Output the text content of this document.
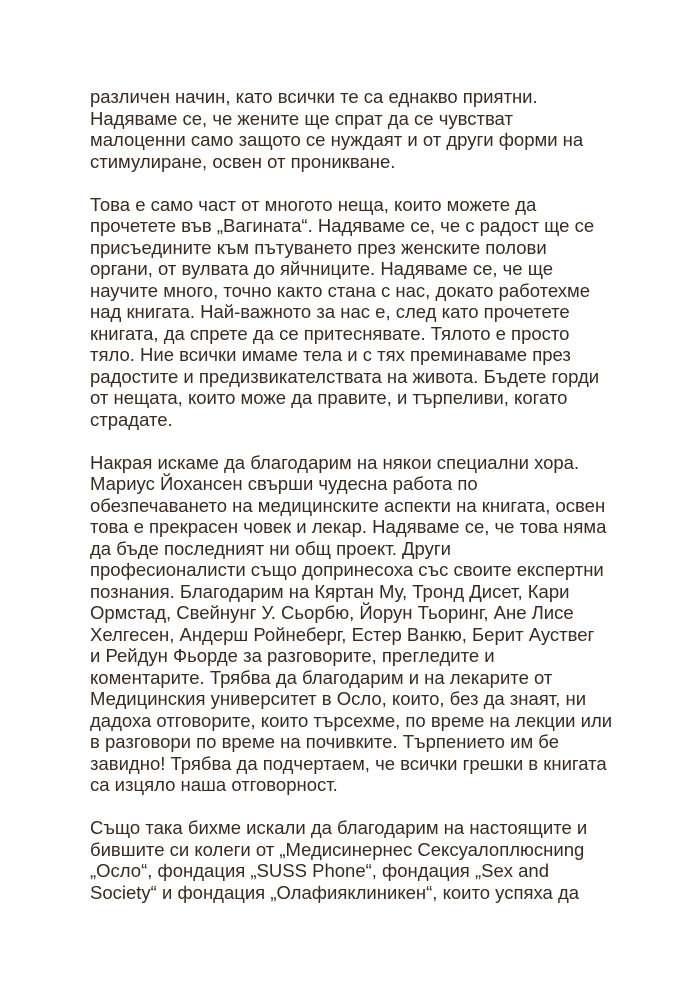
различен начин, като всички те са еднакво приятни.
Надяваме се, че жените ще спрат да се чувстват
малоценни само защото се нуждаят и от други форми на
стимулиране, освен от проникване.

Това е само част от многото неща, които можете да
прочетете във „Вагината“. Надяваме се, че с радост ще се
присъедините към пътуването през женските полови
органи, от вулвата до яйчниците. Надяваме се, че ще
научите много, точно както стана с нас, докато работехме
над книгата. Най-важното за нас е, след като прочетете
книгата, да спрете да се притеснявате. Тялото е просто
тяло. Ние всички имаме тела и с тях преминаваме през
радостите и предизвикателствата на живота. Бъдете горди
от нещата, които може да правите, и търпеливи, когато
страдате.

Накрая искаме да благодарим на някои специални хора.
Мариус Йохансен свърши чудесна работа по
обезпечаването на медицинските аспекти на книгата, освен
това е прекрасен човек и лекар. Надяваме се, че това няма
да бъде последният ни общ проект. Други
професионалисти също допринесоха със своите експертни
познания. Благодарим на Кяртан Му, Тронд Дисет, Кари
Ормстад, Свейнунг У. Сьорбю, Йорун Тьоринг, Ане Лисе
Хелгесен, Андерш Ройнеберг, Естер Ванкю, Берит Ауствег
и Рейдун Фьорде за разговорите, прегледите и
коментарите. Трябва да благодарим и на лекарите от
Медицинския университет в Осло, които, без да знаят, ни
дадоха отговорите, които търсехме, по време на лекции или
в разговори по време на почивките. Търпението им бе
завидно! Трябва да подчертаем, че всички грешки в книгата
са изцяло наша отговорност.

Също така бихме искали да благодарим на настоящите и
бившите си колеги от „Медисинернес Сексуалоплюсниng
„Осло“, фондация „SUSS Phone“, фондация „Sex and
Society“ и фондация „Олафияклиникен“, които успяха да
